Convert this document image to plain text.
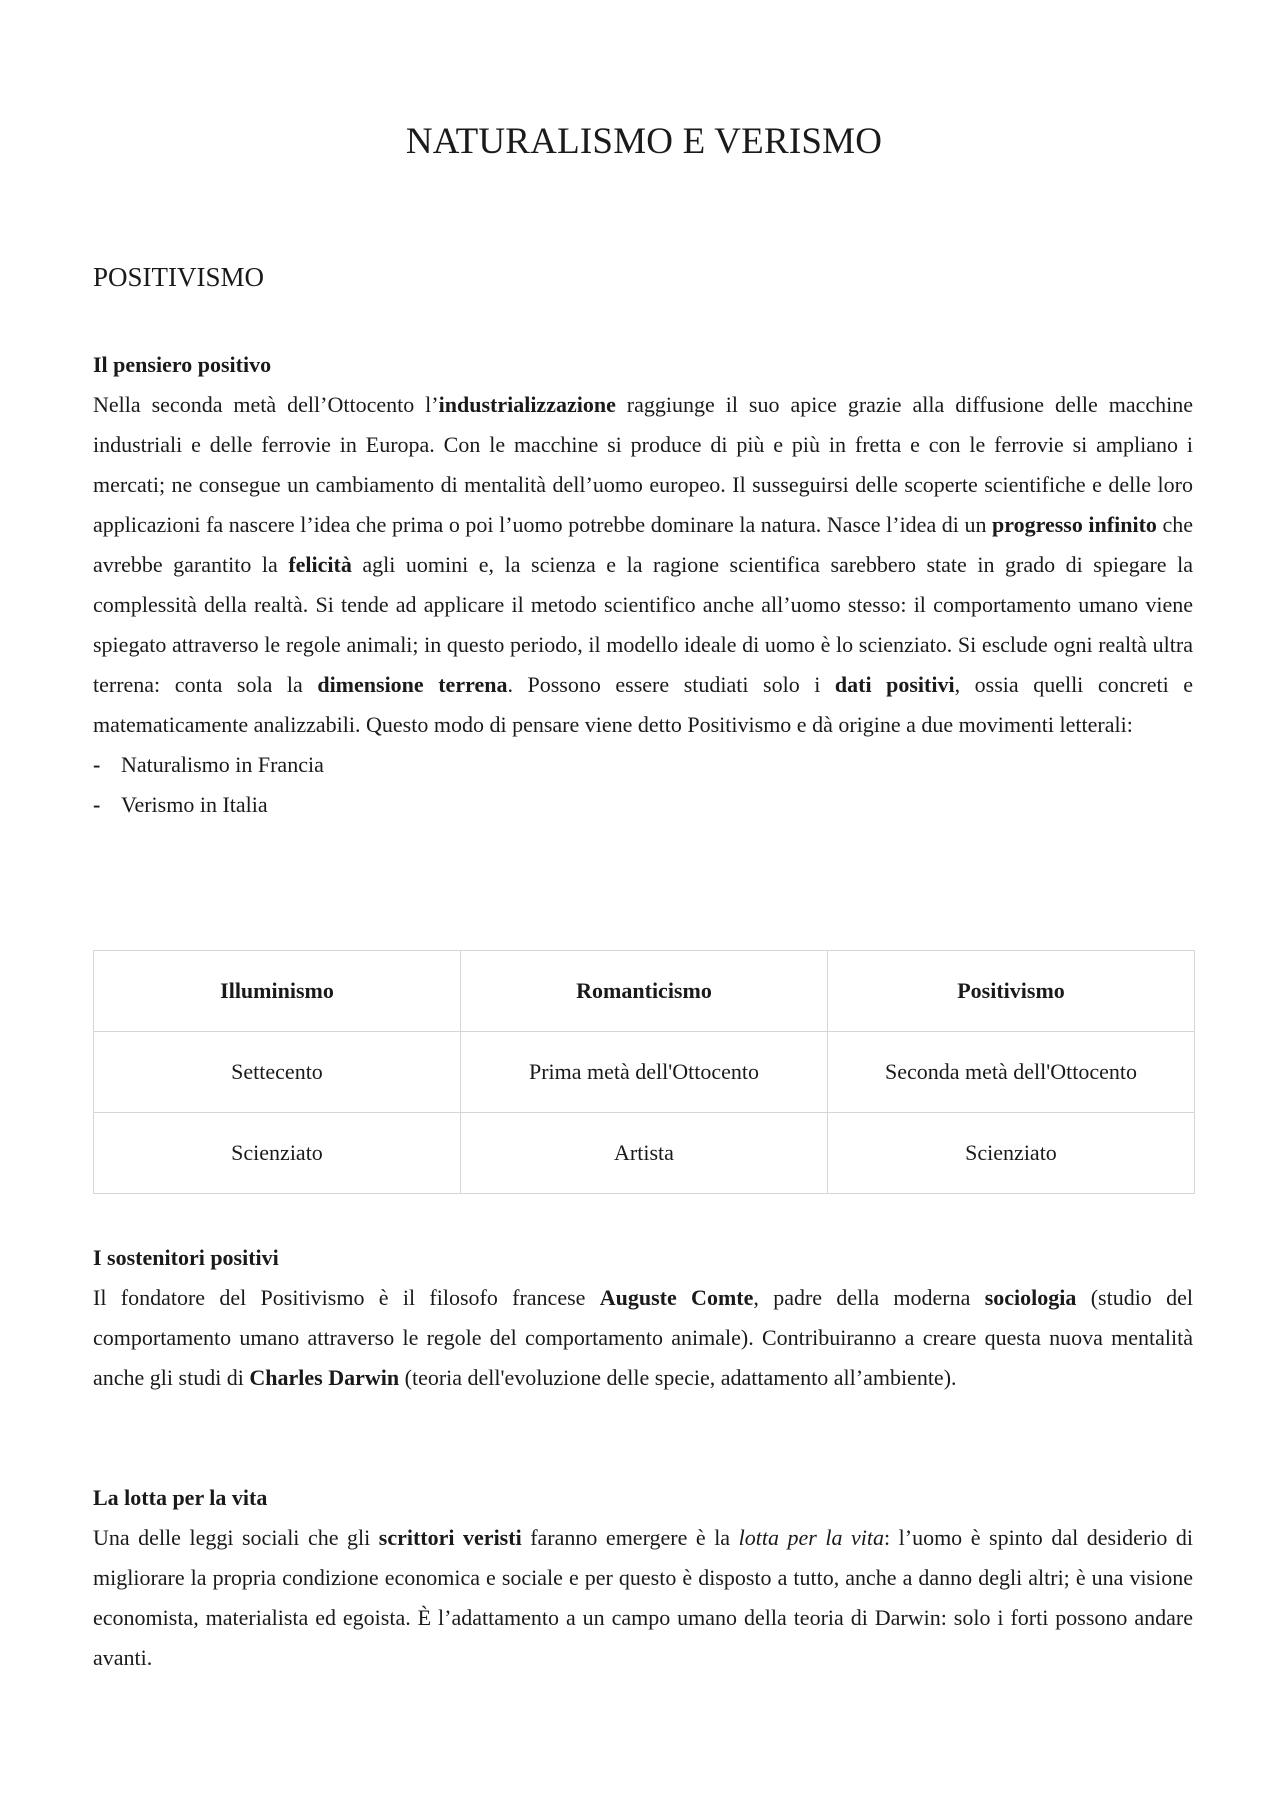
NATURALISMO E VERISMO
POSITIVISMO

Il pensiero positivo

Nella seconda metà dell’Ottocento l’industrializzazione raggiunge il suo apice grazie alla diffusione delle macchine industriali e delle ferrovie in Europa. Con le macchine si produce di più e più in fretta e con le ferrovie si ampliano i mercati; ne consegue un cambiamento di mentalità dell’uomo europeo. Il susseguirsi delle scoperte scientifiche e delle loro applicazioni fa nascere l’idea che prima o poi l’uomo potrebbe dominare la natura. Nasce l’idea di un progresso infinito che avrebbe garantito la felicità agli uomini e, la scienza e la ragione scientifica sarebbero state in grado di spiegare la complessità della realtà. Si tende ad applicare il metodo scientifico anche all’uomo stesso: il comportamento umano viene spiegato attraverso le regole animali; in questo periodo, il modello ideale di uomo è lo scienziato. Si esclude ogni realtà ultra terrena: conta sola la dimensione terrena. Possono essere studiati solo i dati positivi, ossia quelli concreti e matematicamente analizzabili. Questo modo di pensare viene detto Positivismo e dà origine a due movimenti letterali:

- Naturalismo in Francia
- Verismo in Italia
Illuminismo	Romanticismo	Positivismo
Settecento	Prima metà dell'Ottocento	Seconda metà dell'Ottocento
Scienziato	Artista	Scienziato

I sostenitori positivi

Il fondatore del Positivismo è il filosofo francese Auguste Comte, padre della moderna sociologia (studio del comportamento umano attraverso le regole del comportamento animale). Contribuiranno a creare questa nuova mentalità anche gli studi di Charles Darwin (teoria dell'evoluzione delle specie, adattamento all’ambiente).

La lotta per la vita

Una delle leggi sociali che gli scrittori veristi faranno emergere è la lotta per la vita: l’uomo è spinto dal desiderio di migliorare la propria condizione economica e sociale e per questo è disposto a tutto, anche a danno degli altri; è una visione economista, materialista ed egoista. È l’adattamento a un campo umano della teoria di Darwin: solo i forti possono andare avanti.
